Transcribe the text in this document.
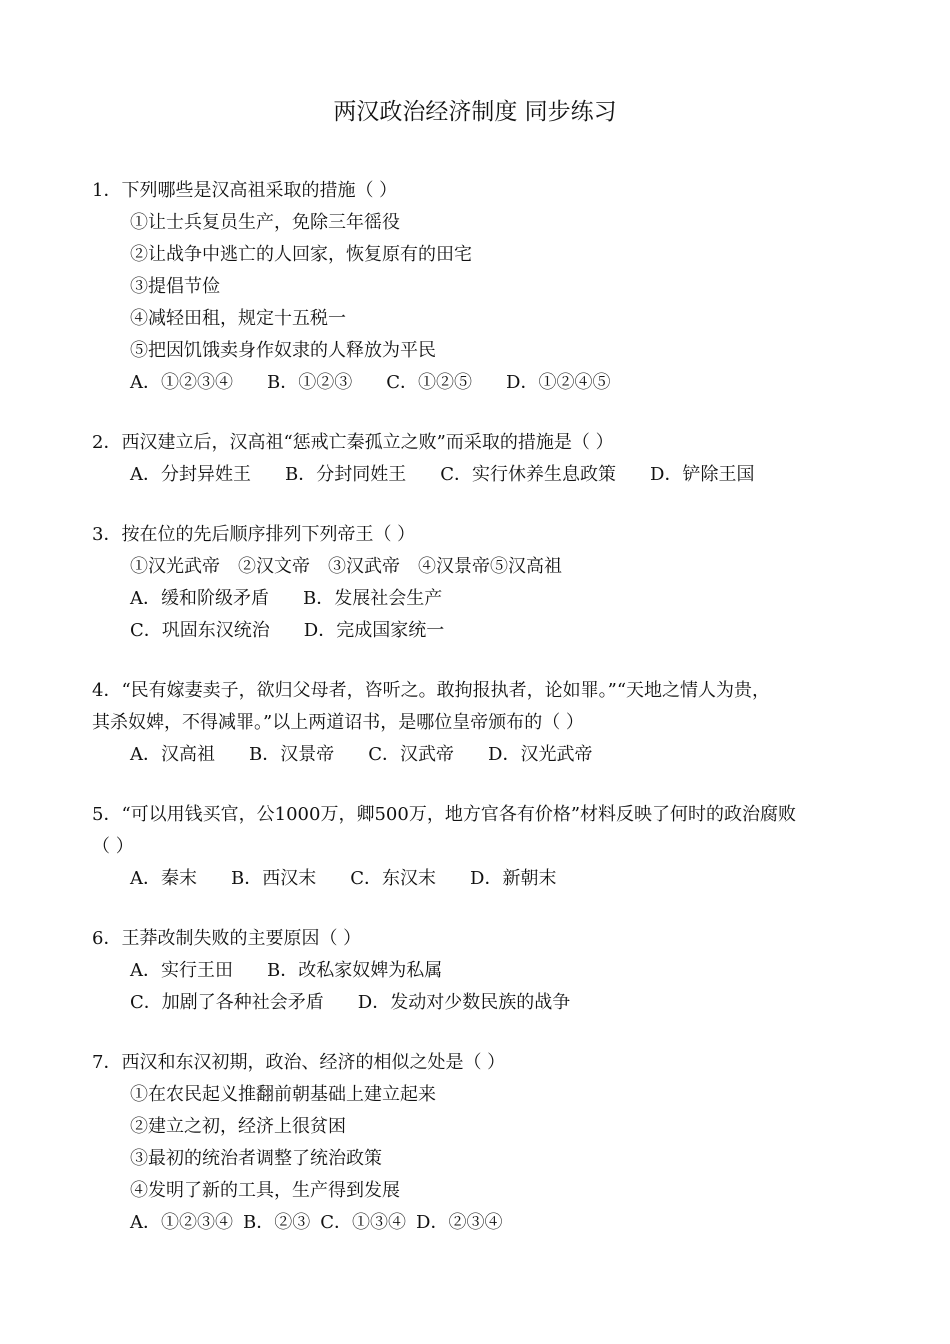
两汉政治经济制度 同步练习
1．下列哪些是汉高祖采取的措施（ ）
①让士兵复员生产，免除三年徭役
②让战争中逃亡的人回家，恢复原有的田宅
③提倡节俭
④减轻田租，规定十五税一
⑤把因饥饿卖身作奴隶的人释放为平民
A．①②③④ B．①②③ C．①②⑤ D．①②④⑤
2．西汉建立后，汉高祖“惩戒亡秦孤立之败”而采取的措施是（ ）
A．分封异姓王 B．分封同姓王 C．实行休养生息政策 D．铲除王国
3．按在位的先后顺序排列下列帝王（ ）
①汉光武帝　②汉文帝　③汉武帝　④汉景帝⑤汉高祖
A．缓和阶级矛盾 B．发展社会生产
C．巩固东汉统治 D．完成国家统一
4．“民有嫁妻卖子，欲归父母者，咨听之。敢拘报执者，论如罪。”“天地之情人为贵，
其杀奴婢，不得减罪。”以上两道诏书，是哪位皇帝颁布的（ ）
A．汉高祖 B．汉景帝 C．汉武帝 D．汉光武帝
5．“可以用钱买官，公1000万，卿500万，地方官各有价格”材料反映了何时的政治腐败
（ ）
A．秦末 B．西汉末 C．东汉末 D．新朝末
6．王莽改制失败的主要原因（ ）
A．实行王田 B．改私家奴婢为私属
C．加剧了各种社会矛盾 D．发动对少数民族的战争
7．西汉和东汉初期，政治、经济的相似之处是（ ）
①在农民起义推翻前朝基础上建立起来
②建立之初，经济上很贫困
③最初的统治者调整了统治政策
④发明了新的工具，生产得到发展
A．①②③④ B．②③ C．①③④ D．②③④
